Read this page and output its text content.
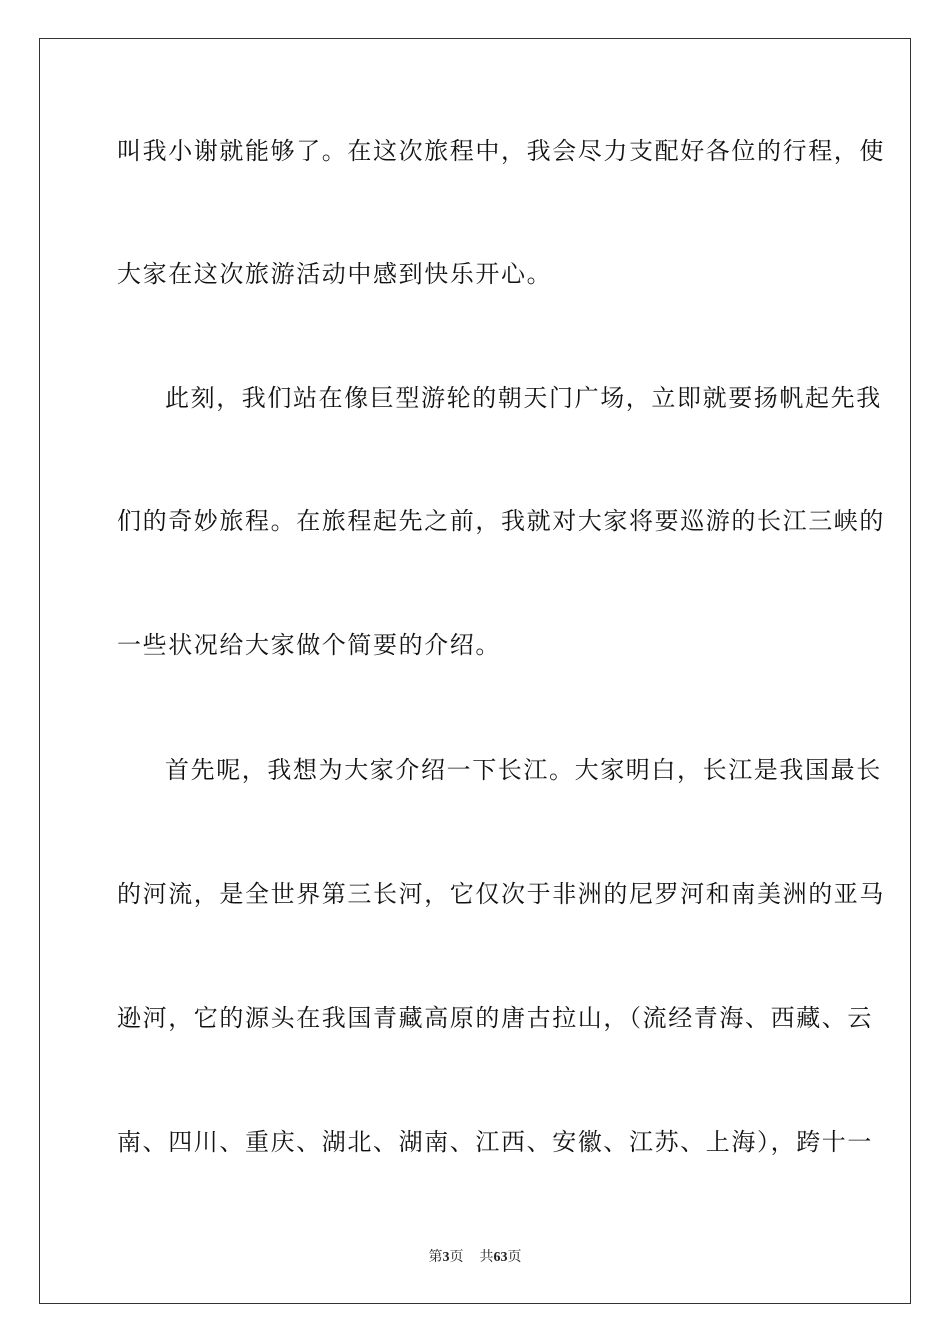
叫我小谢就能够了。在这次旅程中，我会尽力支配好各位的行程，使
大家在这次旅游活动中感到快乐开心。
此刻，我们站在像巨型游轮的朝天门广场，立即就要扬帆起先我
们的奇妙旅程。在旅程起先之前，我就对大家将要巡游的长江三峡的
一些状况给大家做个简要的介绍。
首先呢，我想为大家介绍一下长江。大家明白，长江是我国最长
的河流，是全世界第三长河，它仅次于非洲的尼罗河和南美洲的亚马
逊河，它的源头在我国青藏高原的唐古拉山，（流经青海、西藏、云
南、四川、重庆、湖北、湖南、江西、安徽、江苏、上海），跨十一
第3页 共63页
